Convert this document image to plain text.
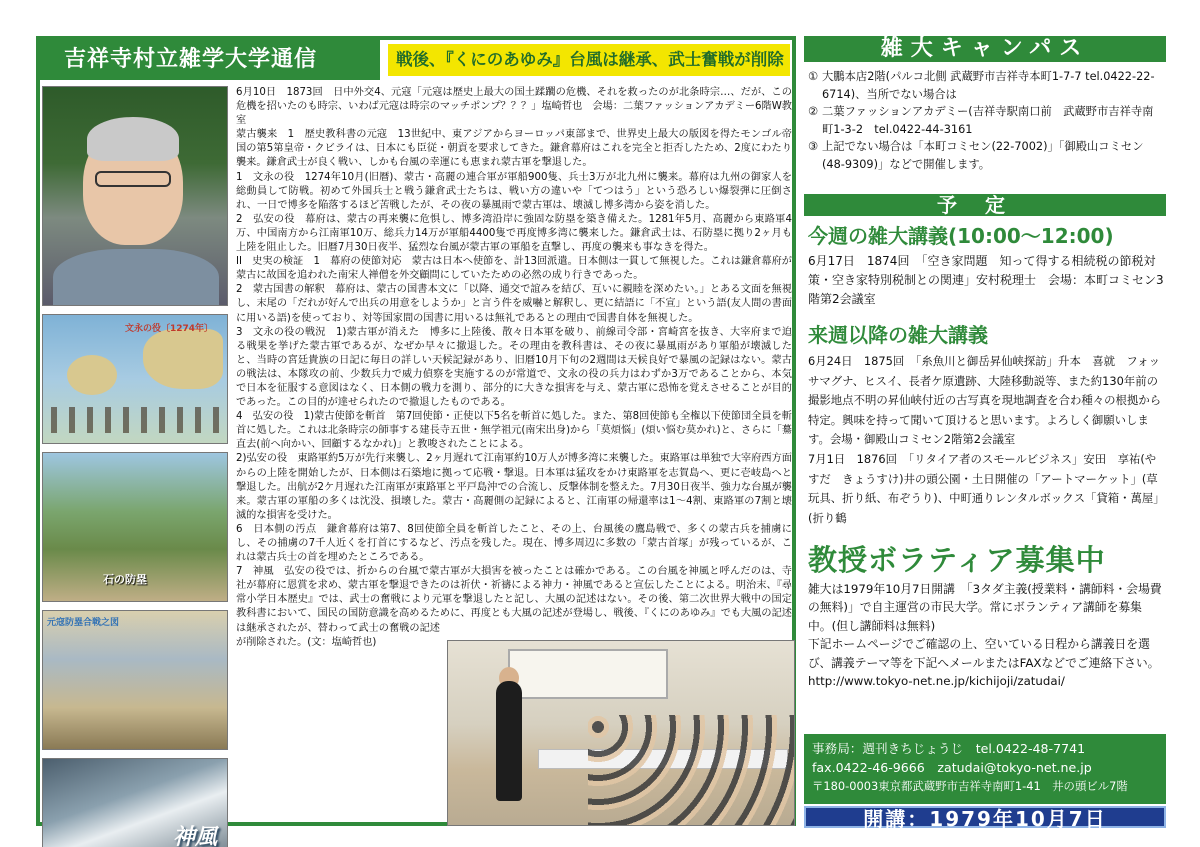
吉祥寺村立雑学大学通信	戦後、『くにのあゆみ』台風は継承、武士奮戦が削除
文永の役〔1274年〕
石の防塁
元寇防塁合戦之図
神風

6月10日　1873回　日中外交4、元寇「元寇は歴史上最大の国土蹂躙の危機、それを救ったのが北条時宗…、だが、この危機を招いたのも時宗、いわば元寇は時宗のマッチポンプ？？？」塩崎哲也　会場：二葉ファッションアカデミー6階W教室

蒙古襲来　1　歴史教科書の元寇　13世紀中、東アジアからヨーロッパ東部まで、世界史上最大の版図を得たモンゴル帝国の第5第皇帝・クビライは、日本にも臣従・朝貢を要求してきた。鎌倉幕府はこれを完全と拒否したため、2度にわたり襲来。鎌倉武士が良く戦い、しかも台風の幸運にも恵まれ蒙古軍を撃退した。

1　文永の役　1274年10月(旧暦)、蒙古・高麗の連合軍が軍船900隻、兵士3万が北九州に襲来。幕府は九州の御家人を総動員して防戦。初めて外国兵士と戦う鎌倉武士たちは、戦い方の違いや「てつはう」という恐ろしい爆裂弾に圧倒され、一日で博多を陥落するほど苦戦したが、その夜の暴風雨で蒙古軍は、壊滅し博多湾から姿を消した。

2　弘安の役　幕府は、蒙古の再来襲に危惧し、博多湾沿岸に強固な防塁を築き備えた。1281年5月、高麗から東路軍4万、中国南方から江南軍10万、総兵力14万が軍船4400隻で再度博多湾に襲来した。鎌倉武士は、石防塁に拠り2ヶ月も上陸を阻止した。旧暦7月30日夜半、猛烈な台風が蒙古軍の軍船を直撃し、再度の襲来も事なきを得た。

II　史実の検証　1　幕府の使節対応　蒙古は日本へ使節を、計13回派遣。日本側は一貫して無視した。これは鎌倉幕府が蒙古に故国を追われた南宋人禅僧を外交顧問にしていたための必然の成り行きであった。

2　蒙古国書の解釈　幕府は、蒙古の国書本文に「以降、通交で誼みを結び、互いに親睦を深めたい。」とある文面を無視し、末尾の「だれが好んで出兵の用意をしようか」と言う件を威嚇と解釈し、更に結語に「不宣」という語(友人間の書面に用いる語)を使っており、対等国家間の国書に用いるは無礼であるとの理由で国書自体を無視した。

3　文永の役の戦況　1)蒙古軍が消えた　博多に上陸後、散々日本軍を破り、前線司令部・宮崎宮を抜き、大宰府まで迫る戦果を挙げた蒙古軍であるが、なぜか早々に撤退した。その理由を教科書は、その夜に暴風雨があり軍船が壊滅したと、当時の宮廷貴族の日記に毎日の詳しい天候記録があり、旧暦10月下旬の2週間は天候良好で暴風の記録はない。蒙古の戦法は、本隊攻の前、少数兵力で威力偵察を実施するのが常道で、文永の役の兵力はわずか3万であることから、本気で日本を征服する意図はなく、日本側の戦力を測り、部分的に大きな損害を与え、蒙古軍に恐怖を覚えさせることが目的であった。この目的が達せられたので撤退したものである。

4　弘安の役　1)蒙古使節を斬首　第7回使節・正使以下5名を斬首に処した。また、第8回使節も全権以下使節団全員を斬首に処した。これは北条時宗の師事する建長寺五世・無学祖元(南宋出身)から「莫煩悩」(煩い悩む莫かれ)と、さらに「驀直去(前へ向かい、回顧するなかれ)」と教唆されたことによる。

2)弘安の役　東路軍約5万が先行来襲し、2ヶ月遅れて江南軍約10万人が博多湾に来襲した。東路軍は単独で大宰府西方面からの上陸を開始したが、日本側は石築地に拠って応戦・撃退。日本軍は猛攻をかけ東路軍を志賀島へ、更に壱岐島へと撃退した。出航が2ケ月遅れた江南軍が東路軍と平戸島沖での合流し、反撃体制を整えた。7月30日夜半、強力な台風が襲来。蒙古軍の軍船の多くは沈没、損壊した。蒙古・高麗側の記録によると、江南軍の帰還率は1～4割、東路軍の7割と壊滅的な損害を受けた。

6　日本側の汚点　鎌倉幕府は第7、8回使節全員を斬首したこと、その上、台風後の鷹島戦で、多くの蒙古兵を捕虜にし、その捕虜の7千人近くを打首にするなど、汚点を残した。現在、博多周辺に多数の「蒙古首塚」が残っているが、これは蒙古兵士の首を埋めたところである。

7　神風　弘安の役では、折からの台風で蒙古軍が大損害を被ったことは確かである。この台風を神風と呼んだのは、寺社が幕府に恩賞を求め、蒙古軍を撃退できたのは祈伏・祈禱による神力・神風であると宣伝したことによる。明治末、『尋常小学日本歴史』では、武士の奮戦により元軍を撃退したと記し、大風の記述はない。その後、第二次世界大戦中の国定教科書において、国民の国防意識を高めるために、再度とも大風の記述が登場し、戦後、『くにのあゆみ』でも大風の記述は継承されたが、替わって武士の奮戦の記述が削除された。(文：塩崎哲也)

雑大キャンパス
① 大鵬本店2階(パルコ北側 武蔵野市吉祥寺本町1-7-7 tel.0422-22-6714)、当所でない場合は
② 二葉ファッションアカデミー(吉祥寺駅南口前　武蔵野市吉祥寺南町1-3-2　tel.0422-44-3161
③ 上記でない場合は「本町コミセン(22-7002)」「御殿山コミセン(48-9309)」などで開催します。
予定
今週の雑大講義(10:00～12:00)
6月17日　1874回　「空き家問題　知って得する相続税の節税対策・空き家特別税制との関連」安村税理士　会場：本町コミセン3階第2会議室
来週以降の雑大講義
6月24日　1875回　「糸魚川と御岳昇仙峡探訪」升本　喜就　フォッサマグナ、ヒスイ、長者ケ原遺跡、大陸移動説等、また約130年前の撮影地点不明の昇仙峡付近の古写真を現地調査を合わ種々の根拠から特定。興味を持って聞いて頂けると思います。よろしく御願いします。会場・御殿山コミセン2階第2会議室
7月1日　1876回　「リタイア者のスモールビジネス」安田　享祐(やすだ　きょうすけ)井の頭公園・土日開催の「アートマーケット」(草玩具、折り紙、布ぞうり)、中町通りレンタルボックス「貸箱・萬屋」(折り鶴
教授ボラティア募集中
雑大は1979年10月7日開講　「3タダ主義(授業料・講師料・会場費の無料)」で自主運営の市民大学。常にボランティア講師を募集中。(但し講師料は無料)
下記ホームページでご確認の上、空いている日程から講義日を選び、講義テーマ等を下記へメールまたはFAXなどでご連絡下さい。
http://www.tokyo-net.ne.jp/kichijoji/zatudai/
事務局：週刊きちじょうじ　tel.0422-48-7741
fax.0422-46-9666　zatudai@tokyo-net.ne.jp
〒180-0003東京都武蔵野市吉祥寺南町1-41　井の頭ビル7階
開講：1979年10月7日
